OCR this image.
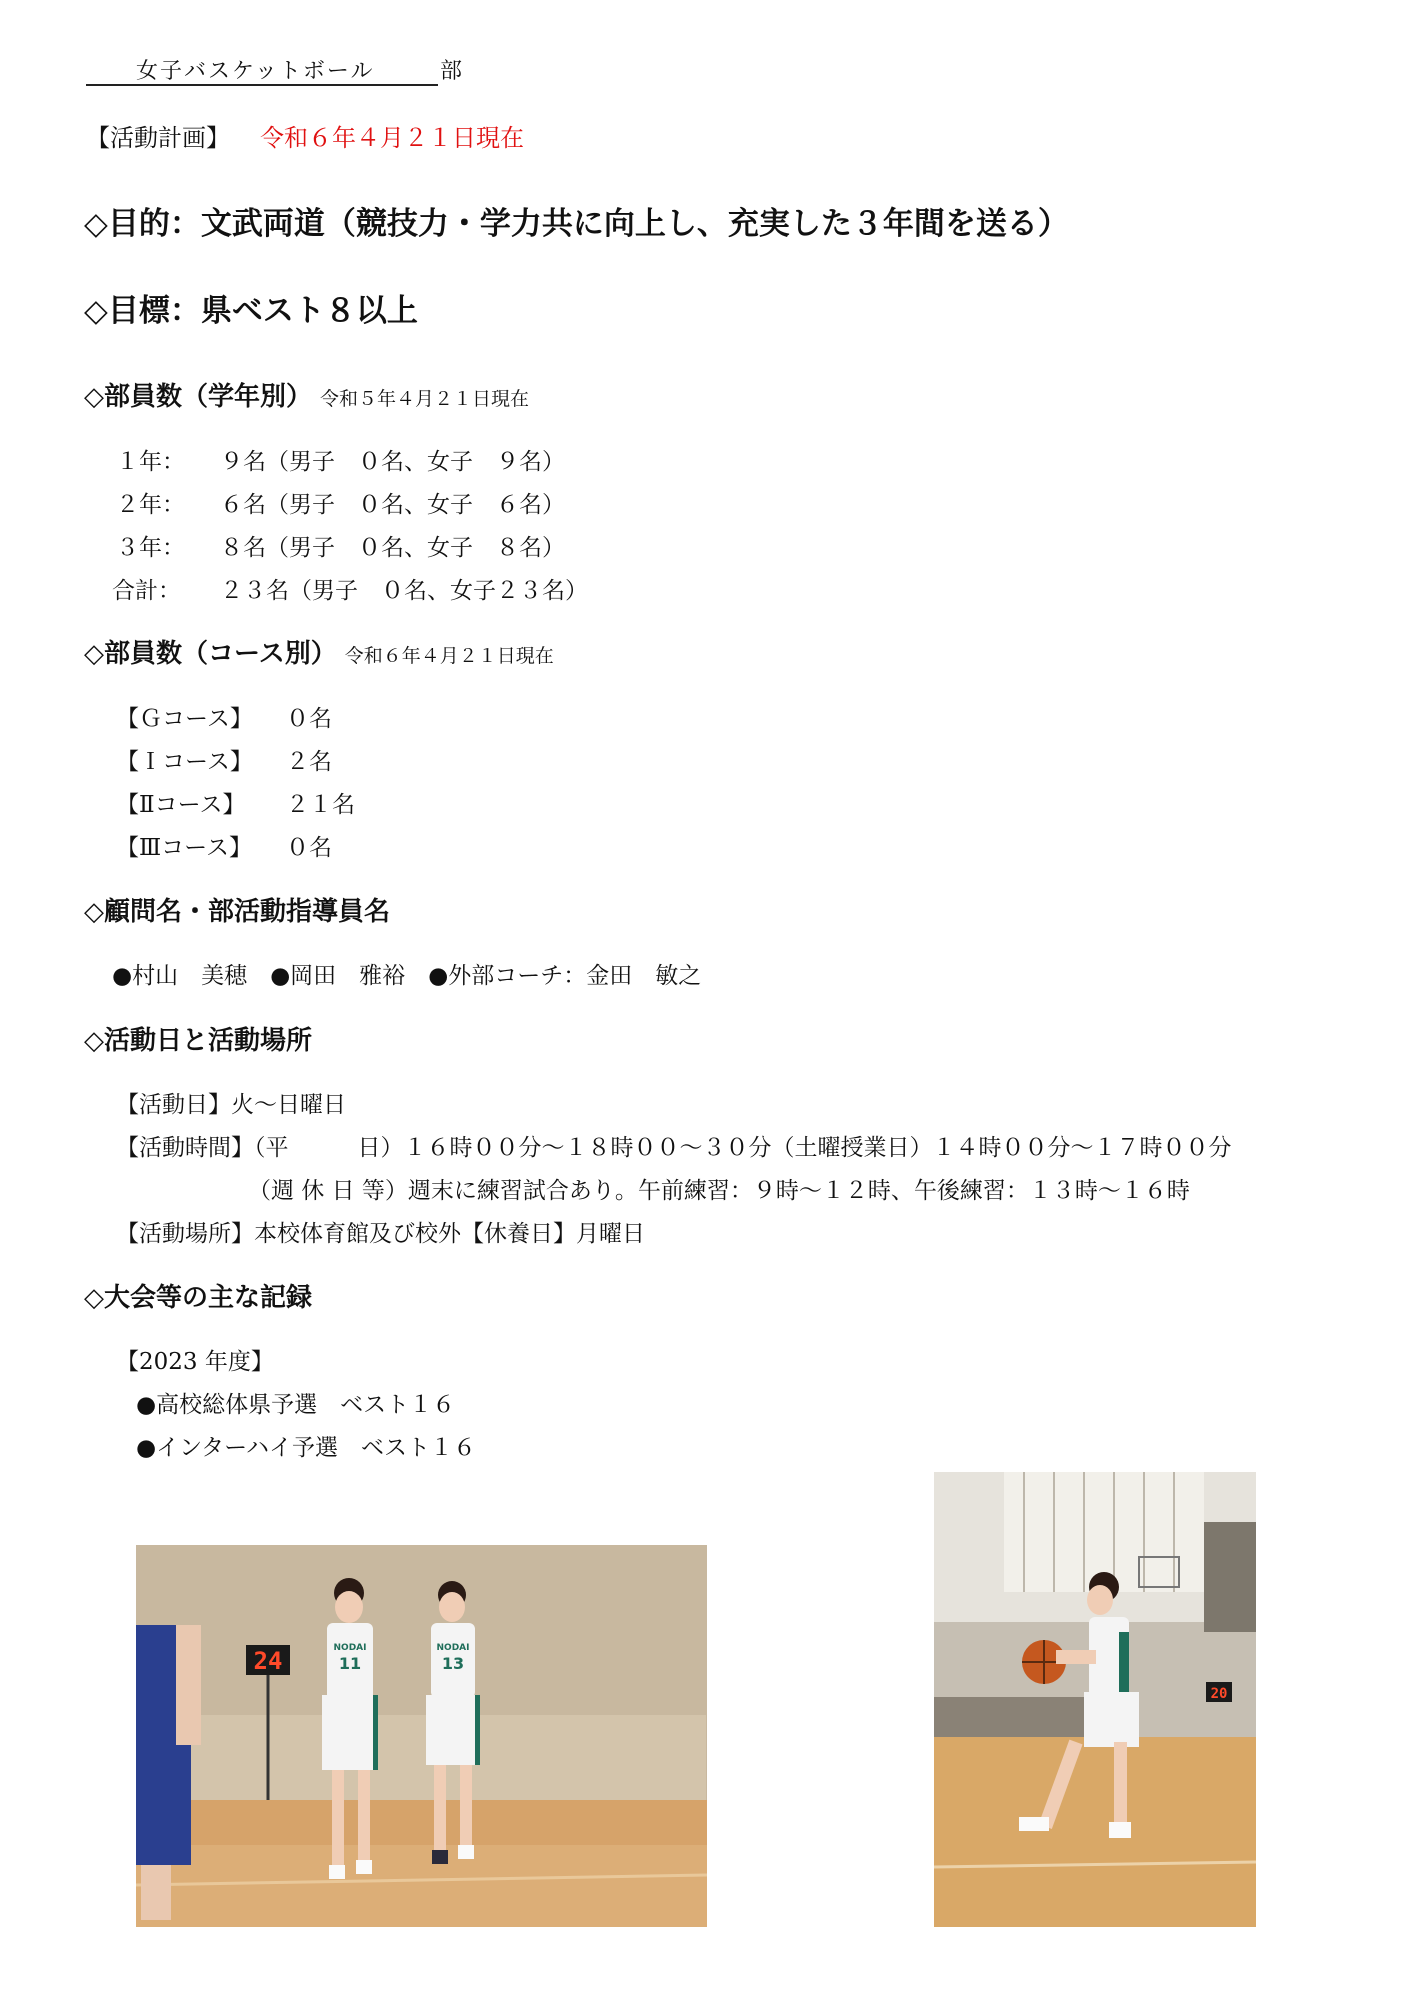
女子バスケットボール	部
【活動計画】 令和６年４月２１日現在
◇目的：文武両道（競技力・学力共に向上し、充実した３年間を送る）
◇目標：県ベスト８以上
◇部員数（学年別） 令和５年４月２１日現在
１年： ９名（男子　０名、女子　９名）
２年： ６名（男子　０名、女子　６名）
３年： ８名（男子　０名、女子　８名）
合計： ２３名（男子　０名、女子２３名）
◇部員数（コース別） 令和６年４月２１日現在
【Ｇコース】 ０名
【Ｉコース】 ２名
【Ⅱコース】 ２１名
【Ⅲコース】 ０名
◇顧問名・部活動指導員名
●村山　美穂　●岡田　雅裕　●外部コーチ：金田　敏之
◇活動日と活動場所
【活動日】火～日曜日
【活動時間】（平　　　日）１６時００分～１８時００～３０分（土曜授業日）１４時００分～１７時００分
（週 休 日 等）週末に練習試合あり。午前練習：９時～１２時、午後練習：１３時～１６時
【活動場所】本校体育館及び校外【休養日】月曜日
◇大会等の主な記録
【2023 年度】
●高校総体県予選　ベスト１６
●インターハイ予選　ベスト１６
24	NODAI
11
NODAI
13
20
